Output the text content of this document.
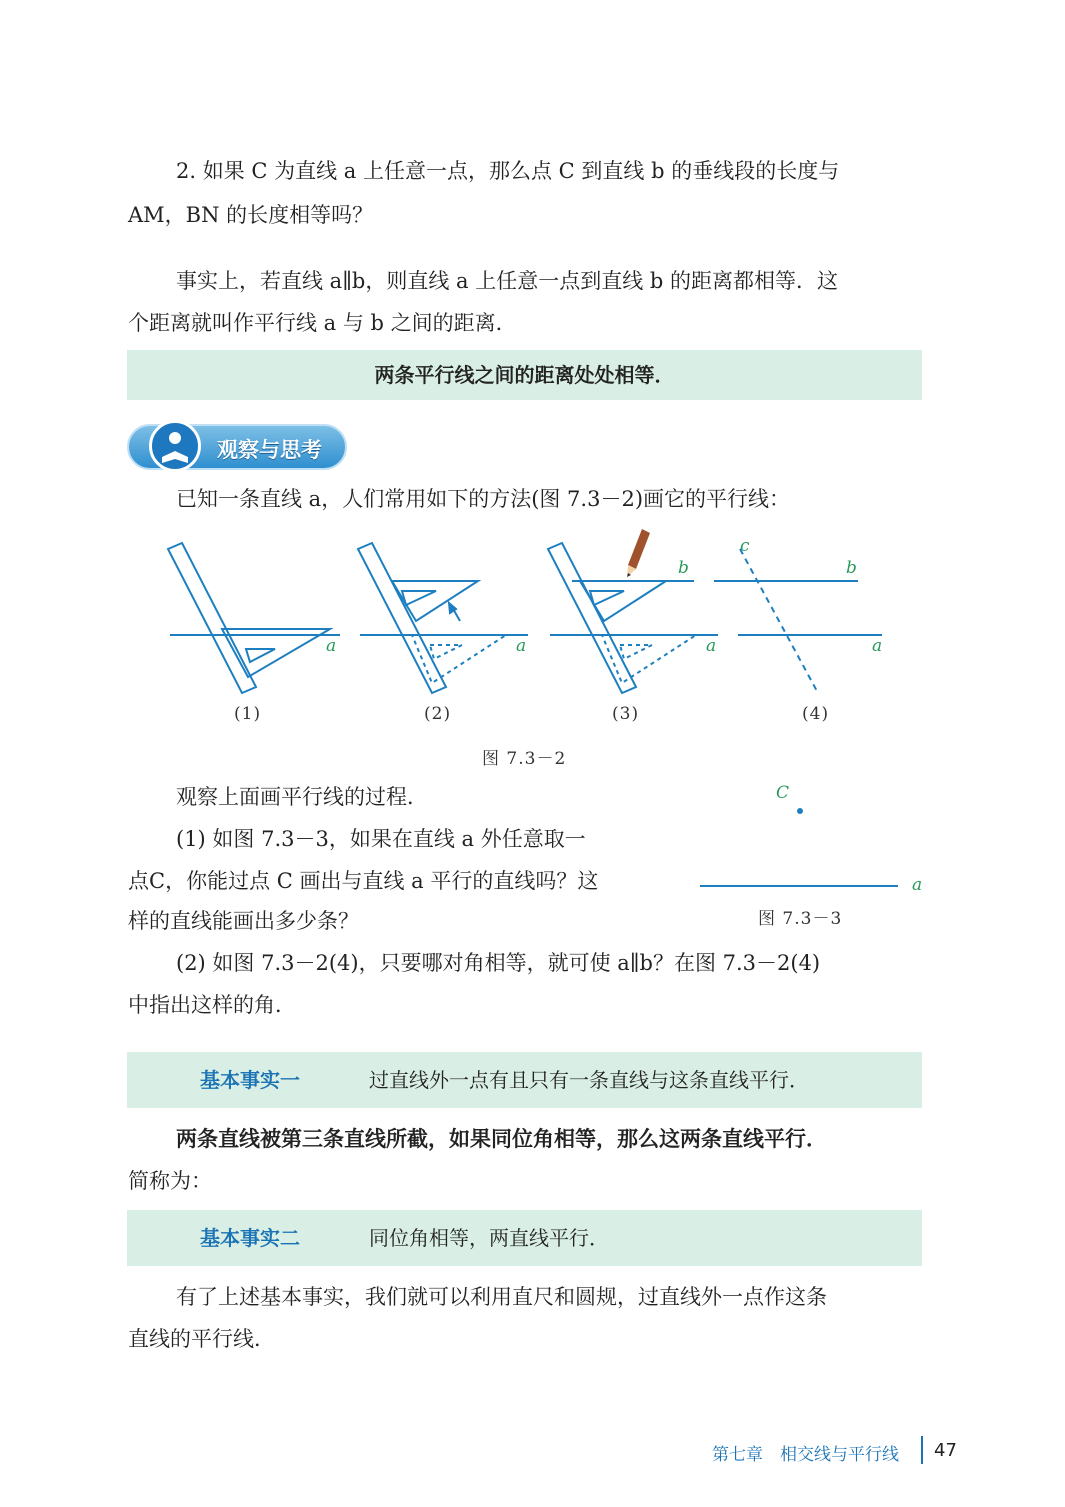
2. 如果 C 为直线 a 上任意一点，那么点 C 到直线 b 的垂线段的长度与

AM，BN 的长度相等吗？

事实上，若直线 a∥b，则直线 a 上任意一点到直线 b 的距离都相等．这

个距离就叫作平行线 a 与 b 之间的距离．

两条平行线之间的距离处处相等．
观察与思考

已知一条直线 a，人们常用如下的方法(图 7.3－2)画它的平行线：

a	a	a
b
a
b
c
(1)	(2)	(3)	(4)
图 7.3－2

观察上面画平行线的过程．

(1) 如图 7.3－3，如果在直线 a 外任意取一

点C，你能过点 C 画出与直线 a 平行的直线吗？这

样的直线能画出多少条？

(2) 如图 7.3－2(4)，只要哪对角相等，就可使 a∥b？在图 7.3－2(4)

中指出这样的角．

C
a
图 7.3－3
基本事实一	过直线外一点有且只有一条直线与这条直线平行．

两条直线被第三条直线所截，如果同位角相等，那么这两条直线平行．

简称为：

基本事实二	同位角相等，两直线平行．

有了上述基本事实，我们就可以利用直尺和圆规，过直线外一点作这条

直线的平行线．

第七章　相交线与平行线 47
